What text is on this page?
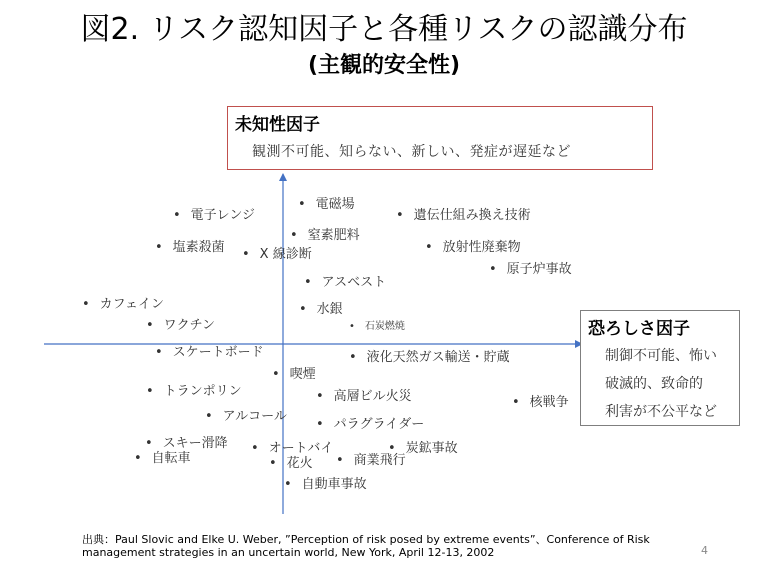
図2. リスク認知因子と各種リスクの認識分布
(主観的安全性)
未知性因子
観測不可能、知らない、新しい、発症が遅延など
恐ろしさ因子
制御不可能、怖い
破滅的、致命的
利害が不公平など
• 電磁場
• 電子レンジ	• 遺伝仕組み換え技術
• 窒素肥料
• 塩素殺菌 • X 線診断	• 放射性廃棄物
• 原子炉事故
• アスベスト
• カフェイン	• 水銀
• 石炭燃焼
• ワクチン
• スケートボード	• 液化天然ガス輸送・貯蔵
• 喫煙
• トランポリン	• 高層ビル火災	• 核戦争
• アルコール
• パラグライダー
• スキー滑降 • オートバイ	• 炭鉱事故
• 自転車	• 花火 • 商業飛行
• 自動車事故
出典：Paul Slovic and Elke U. Weber, ”Perception of risk posed by extreme events”、Conference of Risk management strategies in an uncertain world, New York, April 12-13, 2002	4
